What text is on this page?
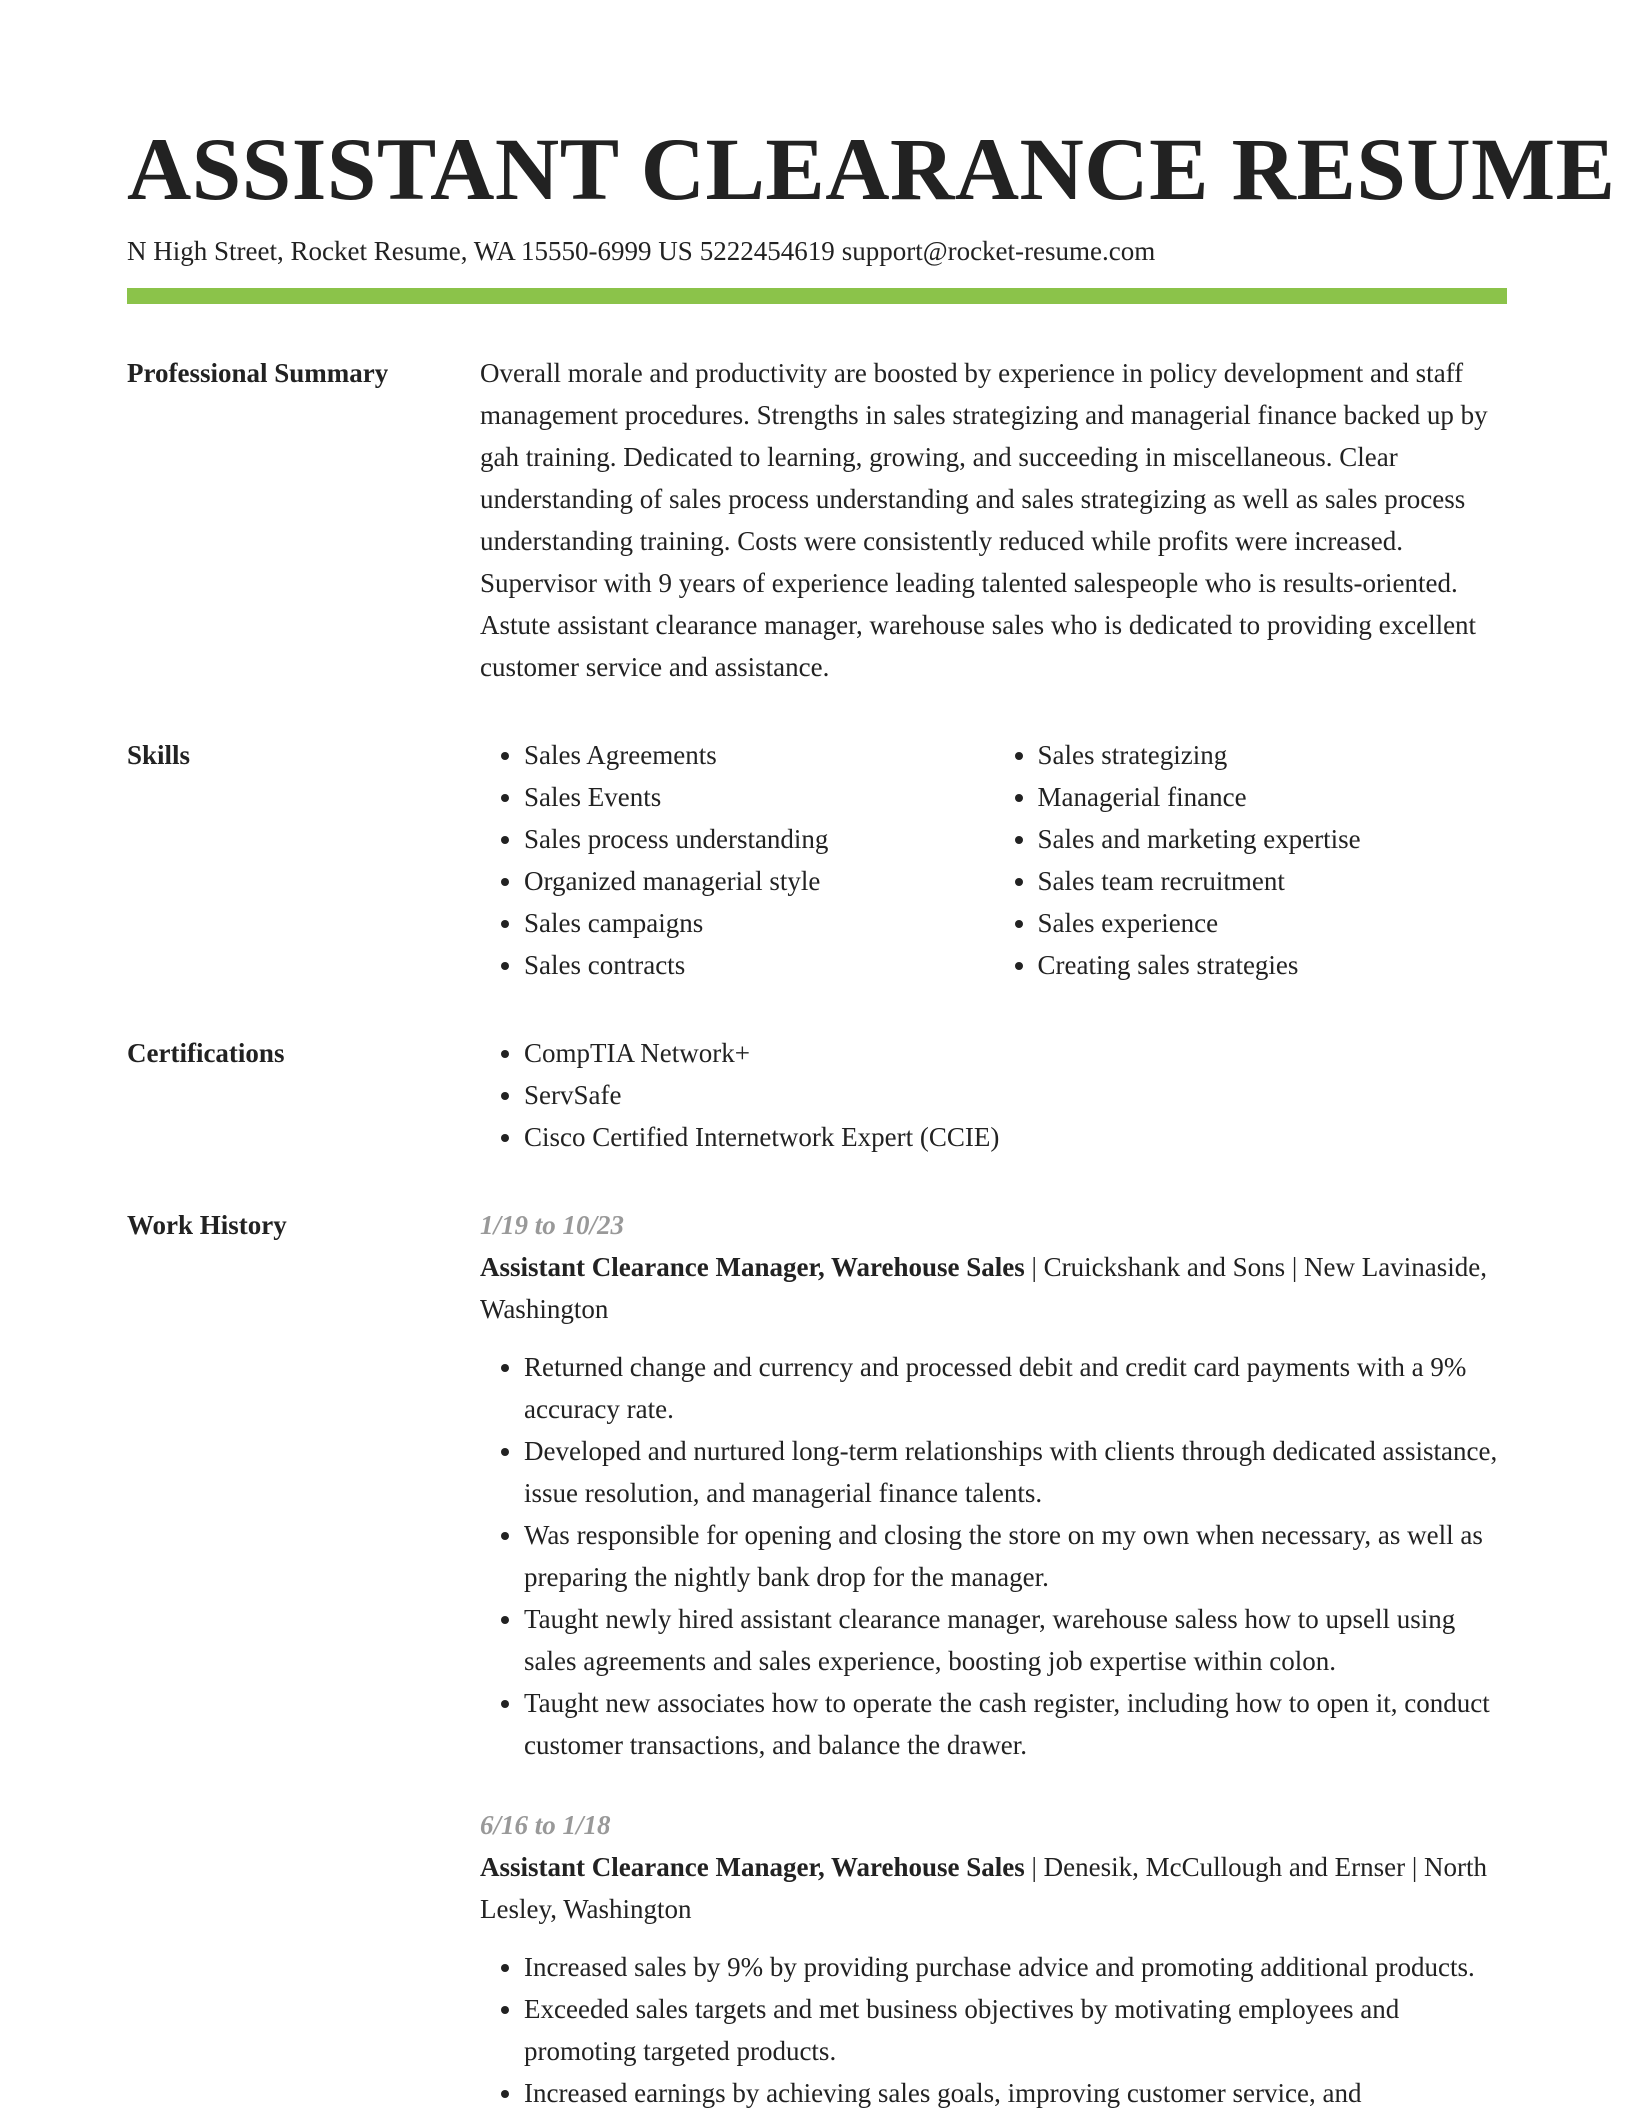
ASSISTANT CLEARANCE RESUME
N High Street, Rocket Resume, WA 15550-6999 US 5222454619 support@rocket-resume.com
Professional Summary	Overall morale and productivity are boosted by experience in policy development and staff management procedures. Strengths in sales strategizing and managerial finance backed up by gah training. Dedicated to learning, growing, and succeeding in miscellaneous. Clear understanding of sales process understanding and sales strategizing as well as sales process understanding training. Costs were consistently reduced while profits were increased. Supervisor with 9 years of experience leading talented salespeople who is results-oriented. Astute assistant clearance manager, warehouse sales who is dedicated to providing excellent customer service and assistance.

Skills	• Sales Agreements
• Sales Events
• Sales process understanding
• Organized managerial style
• Sales campaigns
• Sales contracts
• Sales strategizing
• Managerial finance
• Sales and marketing expertise
• Sales team recruitment
• Sales experience
• Creating sales strategies
Certifications	• CompTIA Network+
• ServSafe
• Cisco Certified Internetwork Expert (CCIE)
Work History	1/19 to 10/23
Assistant Clearance Manager, Warehouse Sales | Cruickshank and Sons | New Lavinaside, Washington
• Returned change and currency and processed debit and credit card payments with a 9% accuracy rate.
• Developed and nurtured long-term relationships with clients through dedicated assistance, issue resolution, and managerial finance talents.
• Was responsible for opening and closing the store on my own when necessary, as well as preparing the nightly bank drop for the manager.
• Taught newly hired assistant clearance manager, warehouse saless how to upsell using sales agreements and sales experience, boosting job expertise within colon.
• Taught new associates how to operate the cash register, including how to open it, conduct customer transactions, and balance the drawer.
6/16 to 1/18
Assistant Clearance Manager, Warehouse Sales | Denesik, McCullough and Ernser | North Lesley, Washington
• Increased sales by 9% by providing purchase advice and promoting additional products.
• Exceeded sales targets and met business objectives by motivating employees and promoting targeted products.
• Increased earnings by achieving sales goals, improving customer service, and
